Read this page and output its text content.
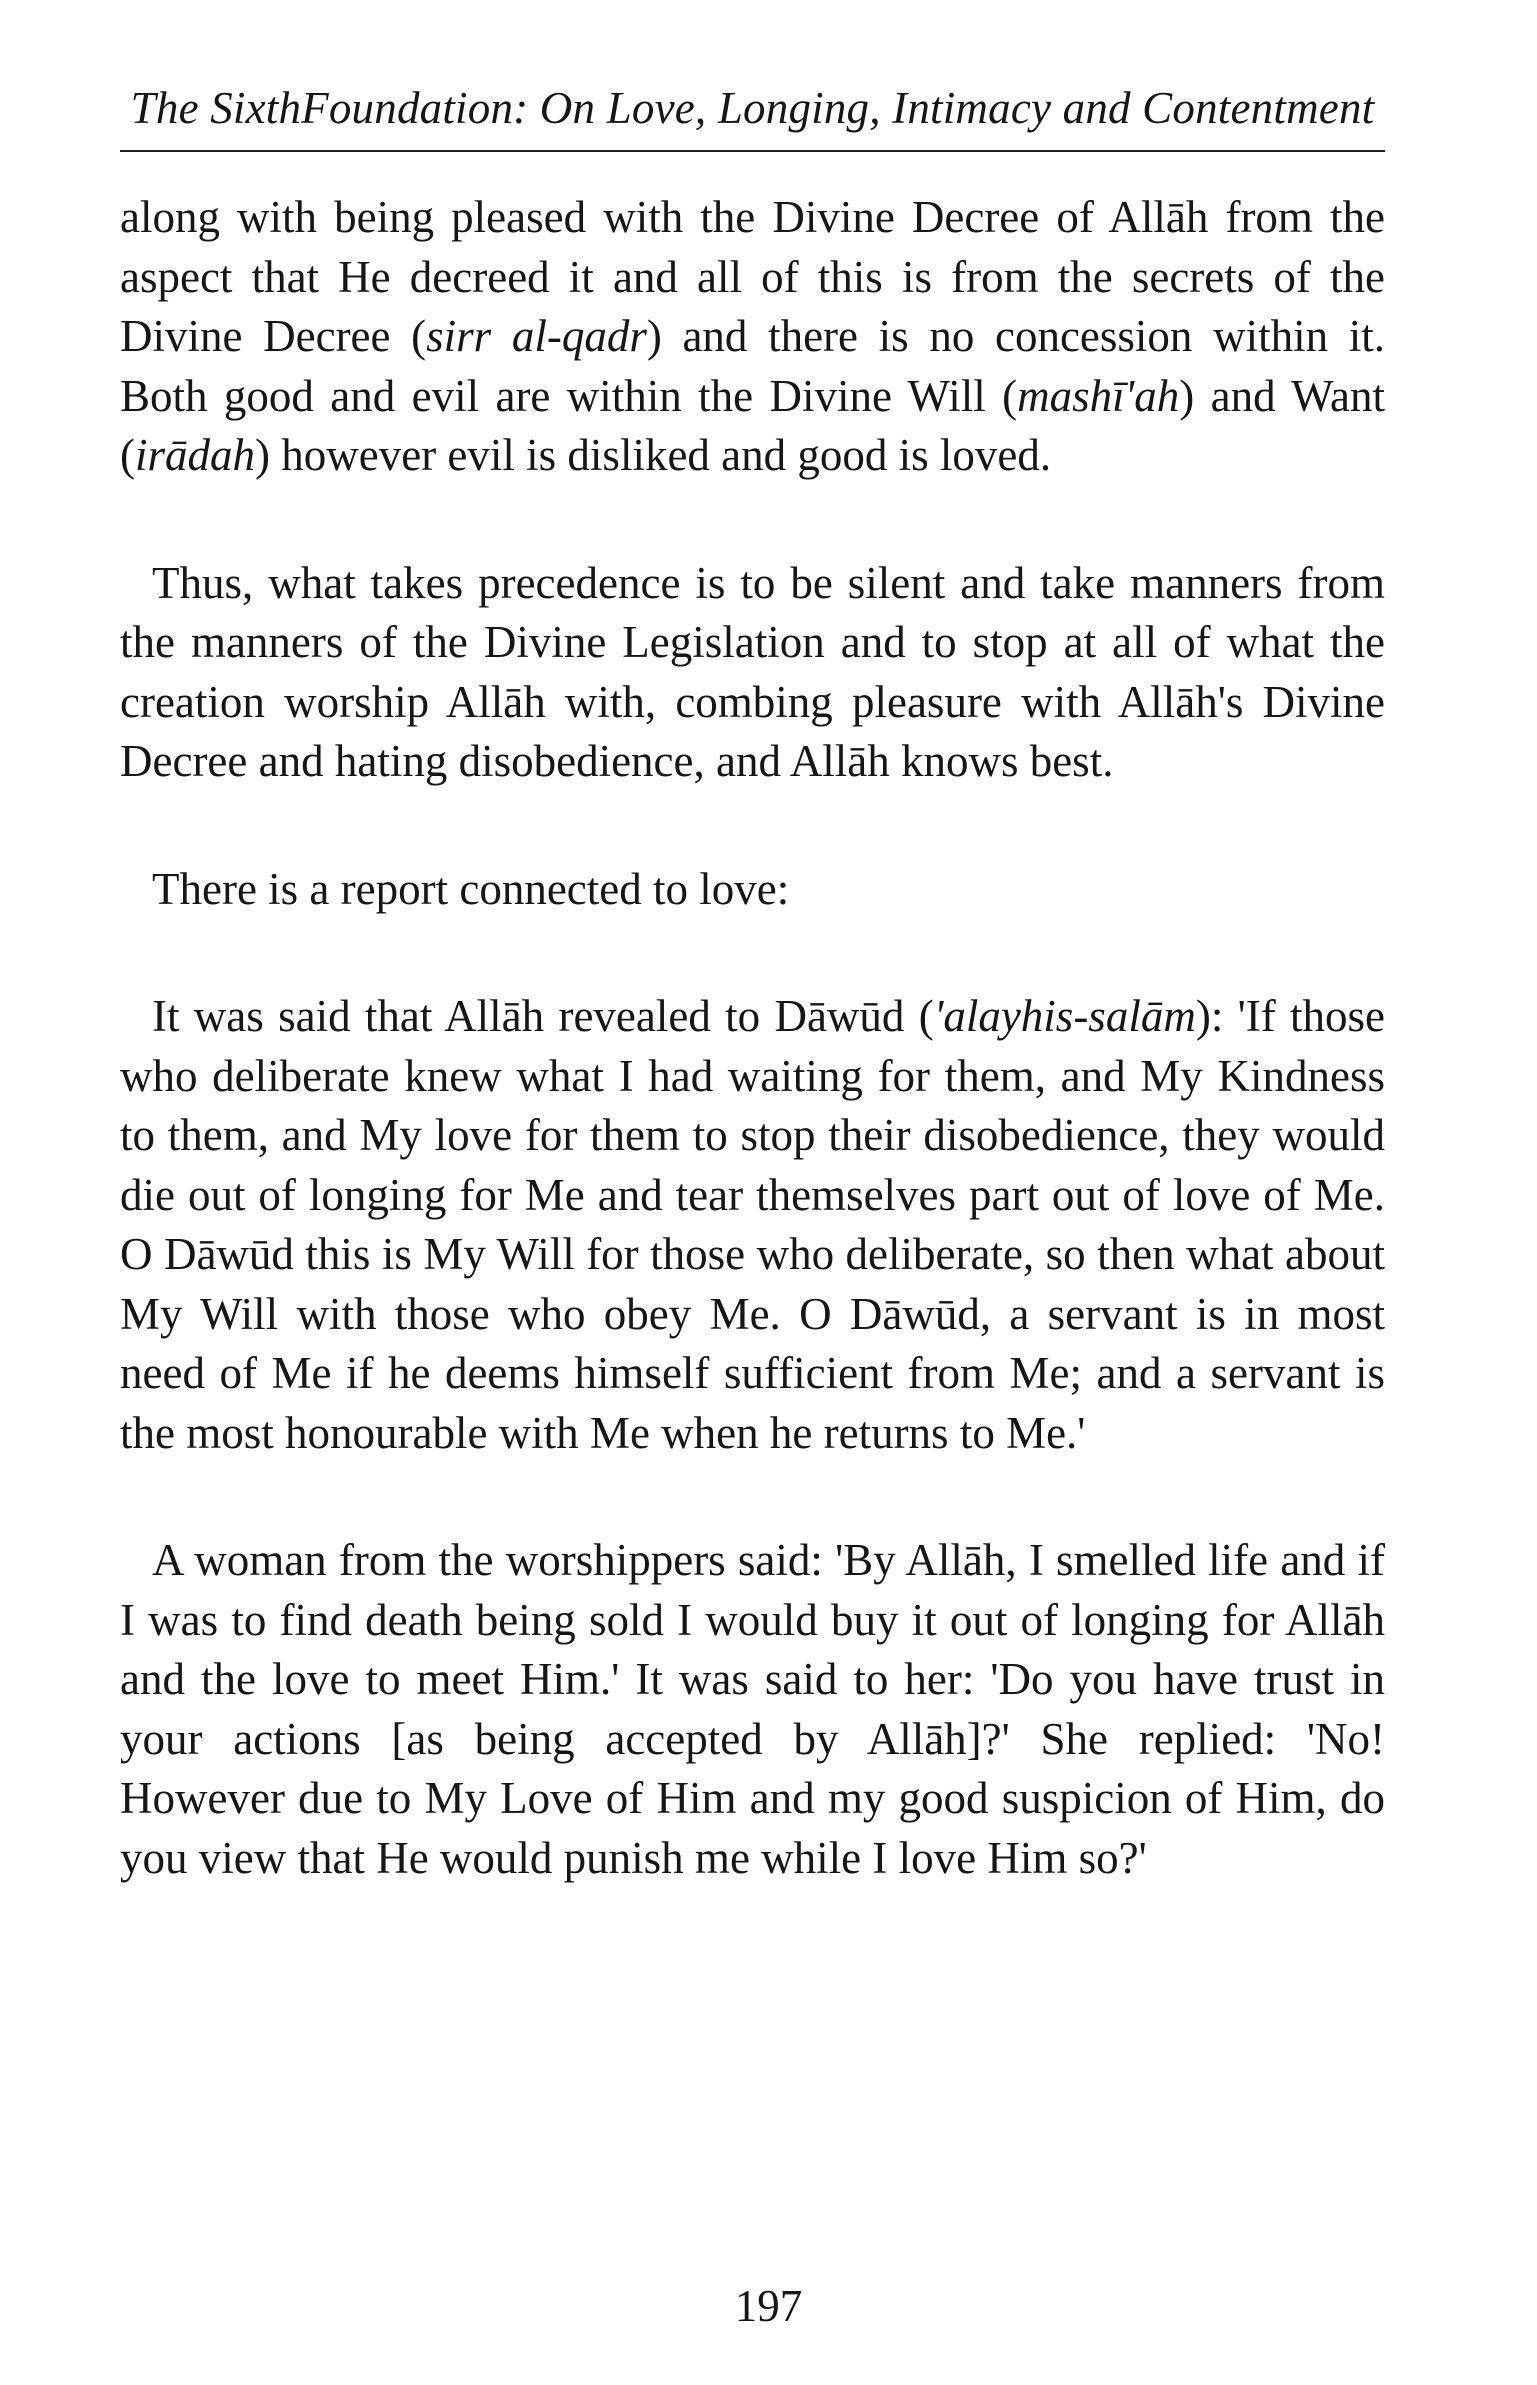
The SixthFoundation: On Love, Longing, Intimacy and Contentment

along with being pleased with the Divine Decree of Allāh from the aspect that He decreed it and all of this is from the secrets of the Divine Decree (sirr al-qadr) and there is no concession within it. Both good and evil are within the Divine Will (mashī'ah) and Want (irādah) however evil is disliked and good is loved.

Thus, what takes precedence is to be silent and take manners from the manners of the Divine Legislation and to stop at all of what the creation worship Allāh with, combing pleasure with Allāh's Divine Decree and hating disobedience, and Allāh knows best.

There is a report connected to love:

It was said that Allāh revealed to Dāwūd ('alayhis-salām): 'If those who deliberate knew what I had waiting for them, and My Kindness to them, and My love for them to stop their disobedience, they would die out of longing for Me and tear themselves part out of love of Me. O Dāwūd this is My Will for those who deliberate, so then what about My Will with those who obey Me. O Dāwūd, a servant is in most need of Me if he deems himself sufficient from Me; and a servant is the most honourable with Me when he returns to Me.'

A woman from the worshippers said: 'By Allāh, I smelled life and if I was to find death being sold I would buy it out of longing for Allāh and the love to meet Him.' It was said to her: 'Do you have trust in your actions [as being accepted by Allāh]?' She replied: 'No! However due to My Love of Him and my good suspicion of Him, do you view that He would punish me while I love Him so?'

197
